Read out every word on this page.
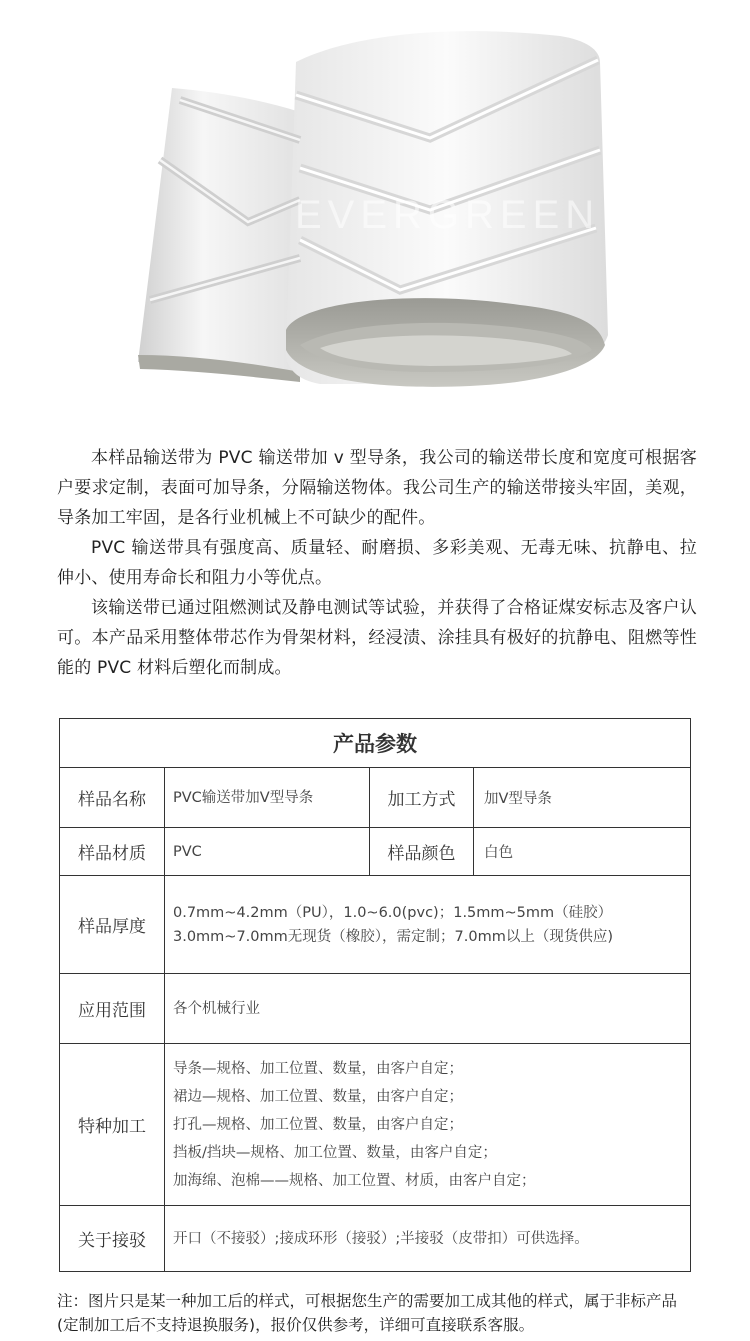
EVERGREEN

本样品输送带为 PVC 输送带加 v 型导条，我公司的输送带长度和宽度可根据客户要求定制，表面可加导条，分隔输送物体。我公司生产的输送带接头牢固，美观，导条加工牢固，是各行业机械上不可缺少的配件。

PVC 输送带具有强度高、质量轻、耐磨损、多彩美观、无毒无味、抗静电、拉伸小、使用寿命长和阻力小等优点。

该输送带已通过阻燃测试及静电测试等试验，并获得了合格证煤安标志及客户认可。本产品采用整体带芯作为骨架材料，经浸渍、涂挂具有极好的抗静电、阻燃等性能的 PVC 材料后塑化而制成。

产品参数			
样品名称	PVC输送带加V型导条	加工方式	加V型导条
样品材质	PVC	样品颜色	白色
样品厚度	0.7mm~4.2mm（PU），1.0~6.0(pvc)；1.5mm~5mm（硅胶）
3.0mm~7.0mm无现货（橡胶），需定制；7.0mm以上（现货供应)		

应用范围	各个机械行业		
特种加工	导条—规格、加工位置、数量，由客户自定；
裙边—规格、加工位置、数量，由客户自定；
打孔—规格、加工位置、数量，由客户自定；
挡板/挡块—规格、加工位置、数量，由客户自定；
加海绵、泡棉——规格、加工位置、材质，由客户自定；		

关于接驳	开口（不接驳）;接成环形（接驳）;半接驳（皮带扣）可供选择。		
注：图片只是某一种加工后的样式，可根据您生产的需要加工成其他的样式，属于非标产品(定制加工后不支持退换服务)，报价仅供参考，详细可直接联系客服。
